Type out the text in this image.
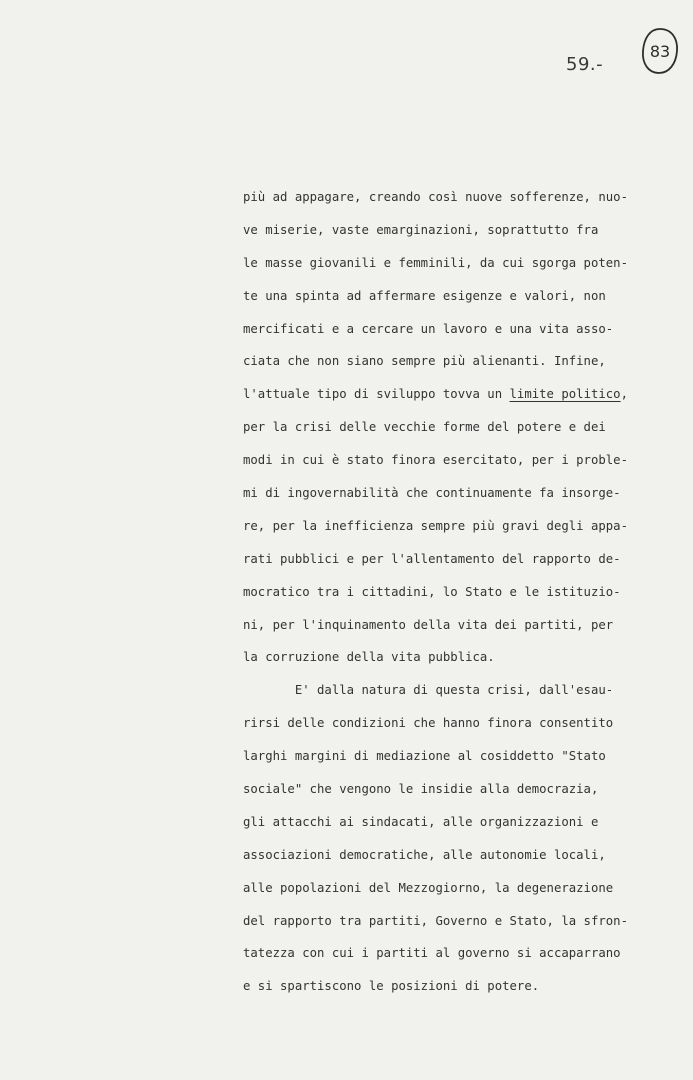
59.-
83
più ad appagare, creando così nuove sofferenze, nuo-
ve miserie, vaste emarginazioni, soprattutto fra
le masse giovanili e femminili, da cui sgorga poten-
te una spinta ad affermare esigenze e valori, non
mercificati e a cercare un lavoro e una vita asso-
ciata che non siano sempre più alienanti. Infine,
l'attuale tipo di sviluppo tovva un limite politico,
per la crisi delle vecchie forme del potere e dei
modi in cui è stato finora esercitato, per i proble-
mi di ingovernabilità che continuamente fa insorge-
re, per la inefficienza sempre più gravi degli appa-
rati pubblici e per l'allentamento del rapporto de-
mocratico tra i cittadini, lo Stato e le istituzio-
ni, per l'inquinamento della vita dei partiti, per
la corruzione della vita pubblica.
E' dalla natura di questa crisi, dall'esau-
rirsi delle condizioni che hanno finora consentito
larghi margini di mediazione al cosiddetto "Stato
sociale" che vengono le insidie alla democrazia,
gli attacchi ai sindacati, alle organizzazioni e
associazioni democratiche, alle autonomie locali,
alle popolazioni del Mezzogiorno, la degenerazione
del rapporto tra partiti, Governo e Stato, la sfron-
tatezza con cui i partiti al governo si accaparrano
e si spartiscono le posizioni di potere.
